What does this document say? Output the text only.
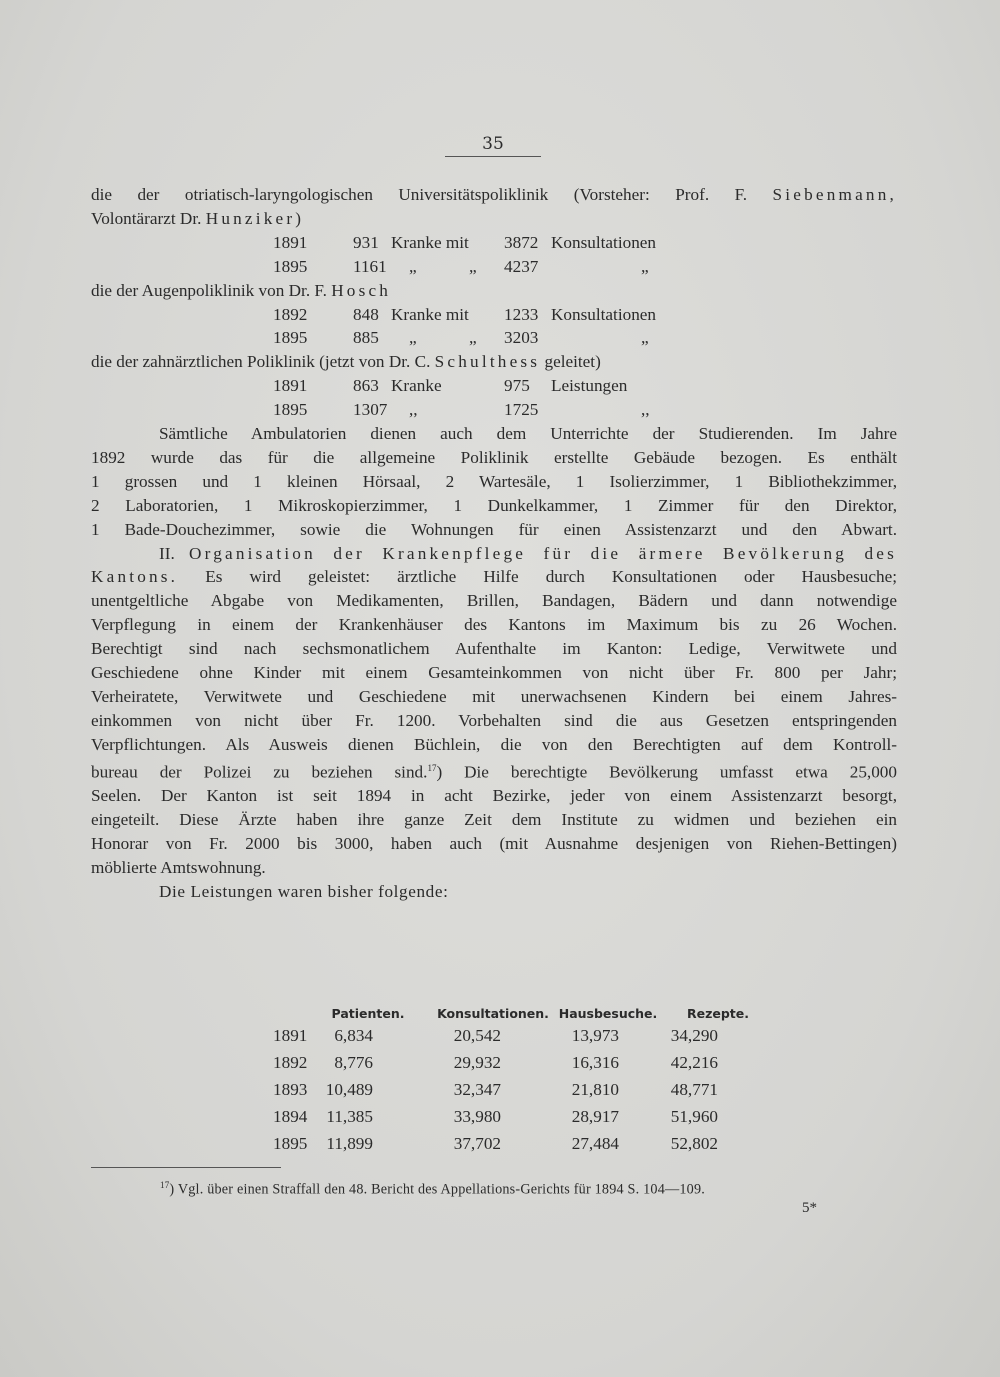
35
die der otriatisch-laryngologischen Universitätspoliklinik (Vorsteher: Prof. F. Siebenmann,
Volontärarzt Dr. Hunziker)
1891	931 Kranke mit 3872 Konsultationen
1895	1161 „	„ 4237	„
die der Augenpoliklinik von Dr. F. Hosch
1892	848 Kranke mit 1233 Konsultationen
1895	885 „	„ 3203	„
die der zahnärztlichen Poliklinik (jetzt von Dr. C. Schulthess geleitet)
1891	863 Kranke	975 Leistungen
1895	1307 ,,	1725	,,
Sämtliche Ambulatorien dienen auch dem Unterrichte der Studierenden. Im Jahre
1892 wurde das für die allgemeine Poliklinik erstellte Gebäude bezogen. Es enthält
1 grossen und 1 kleinen Hörsaal, 2 Wartesäle, 1 Isolierzimmer, 1 Bibliothekzimmer,
2 Laboratorien, 1 Mikroskopierzimmer, 1 Dunkelkammer, 1 Zimmer für den Direktor,
1 Bade-Douchezimmer, sowie die Wohnungen für einen Assistenzarzt und den Abwart.
II. Organisation der Krankenpflege für die ärmere Bevölkerung des
Kantons. Es wird geleistet: ärztliche Hilfe durch Konsultationen oder Hausbesuche;
unentgeltliche Abgabe von Medikamenten, Brillen, Bandagen, Bädern und dann notwendige
Verpflegung in einem der Krankenhäuser des Kantons im Maximum bis zu 26 Wochen.
Berechtigt sind nach sechsmonatlichem Aufenthalte im Kanton: Ledige, Verwitwete und
Geschiedene ohne Kinder mit einem Gesamteinkommen von nicht über Fr. 800 per Jahr;
Verheiratete, Verwitwete und Geschiedene mit unerwachsenen Kindern bei einem Jahres-
einkommen von nicht über Fr. 1200. Vorbehalten sind die aus Gesetzen entspringenden
Verpflichtungen. Als Ausweis dienen Büchlein, die von den Berechtigten auf dem Kontroll-
bureau der Polizei zu beziehen sind.$^{17}$) Die berechtigte Bevölkerung umfasst etwa 25,000
Seelen. Der Kanton ist seit 1894 in acht Bezirke, jeder von einem Assistenzarzt besorgt,
eingeteilt. Diese Ärzte haben ihre ganze Zeit dem Institute zu widmen und beziehen ein
Honorar von Fr. 2000 bis 3000, haben auch (mit Ausnahme desjenigen von Riehen-Bettingen)
möblierte Amtswohnung.
Die Leistungen waren bisher folgende:
Patienten.	Konsultationen. Hausbesuche. Rezepte.
1891 6,834	20,542	13,973	34,290
1892 8,776	29,932	16,316	42,216
1893 10,489	32,347	21,810	48,771
1894 11,385	33,980	28,917	51,960
1895 11,899	37,702	27,484	52,802
$^{17}$) Vgl. über einen Straffall den 48. Bericht des Appellations-Gerichts für 1894 S. 104—109.
5*
